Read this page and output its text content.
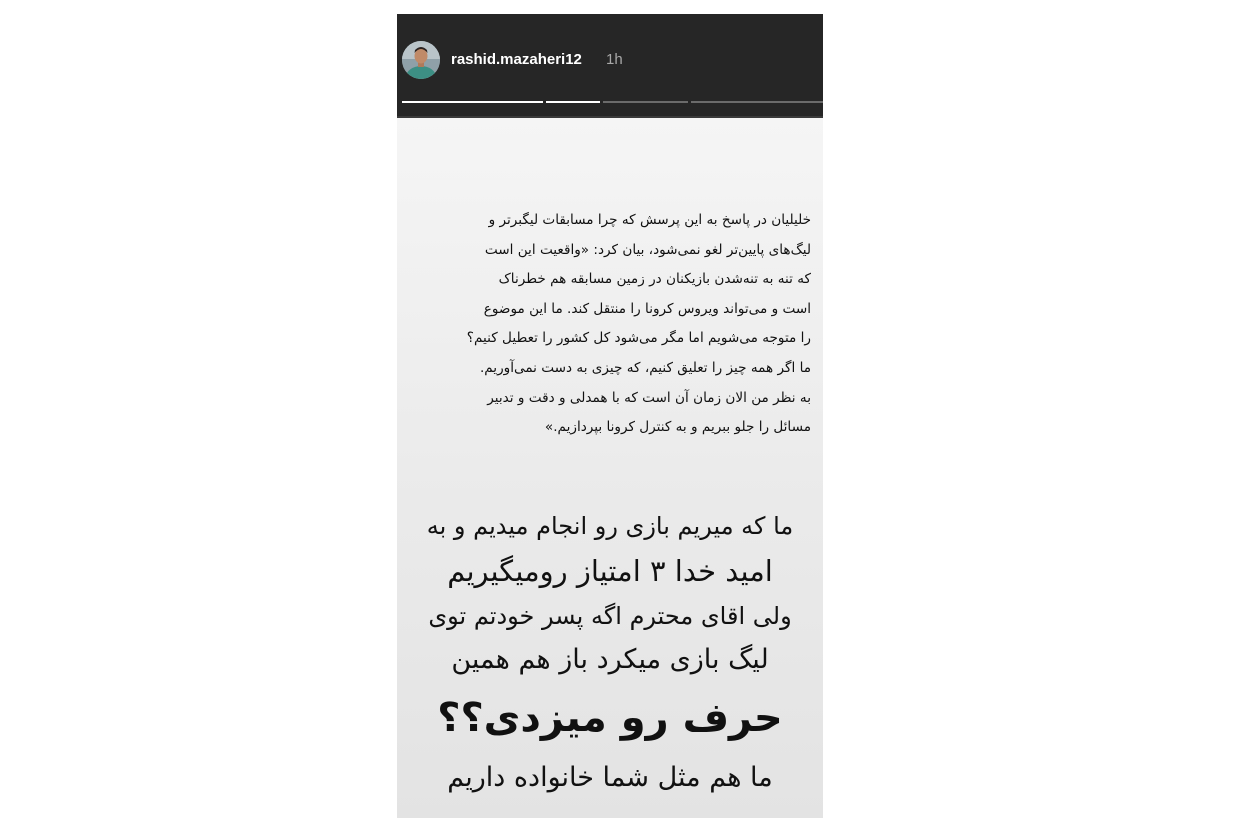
rashid.mazaheri12 1h
خلیلیان در پاسخ به این پرسش که چرا مسابقات لیگبرتر و
لیگ‌های پایین‌تر لغو نمی‌شود، بیان کرد: «واقعیت این است
که تنه به تنه‌شدن بازیکنان در زمین مسابقه هم خطرناک
است و می‌تواند ویروس کرونا را منتقل کند. ما این موضوع
را متوجه می‌شویم اما مگر می‌شود کل کشور را تعطیل کنیم؟
ما اگر همه چیز را تعلیق کنیم، که چیزی به دست نمی‌آوریم.
به نظر من الان زمان آن است که با همدلی و دقت و تدبیر
مسائل را جلو ببریم و به کنترل کرونا بپردازیم.»
ما که میریم بازی رو انجام میدیم و به
امید خدا ۳ امتیاز رومیگیریم
ولی اقای محترم اگه پسر خودتم توی
لیگ بازی میکرد باز هم همین
حرف رو میزدی؟؟
ما هم مثل شما خانواده داریم
